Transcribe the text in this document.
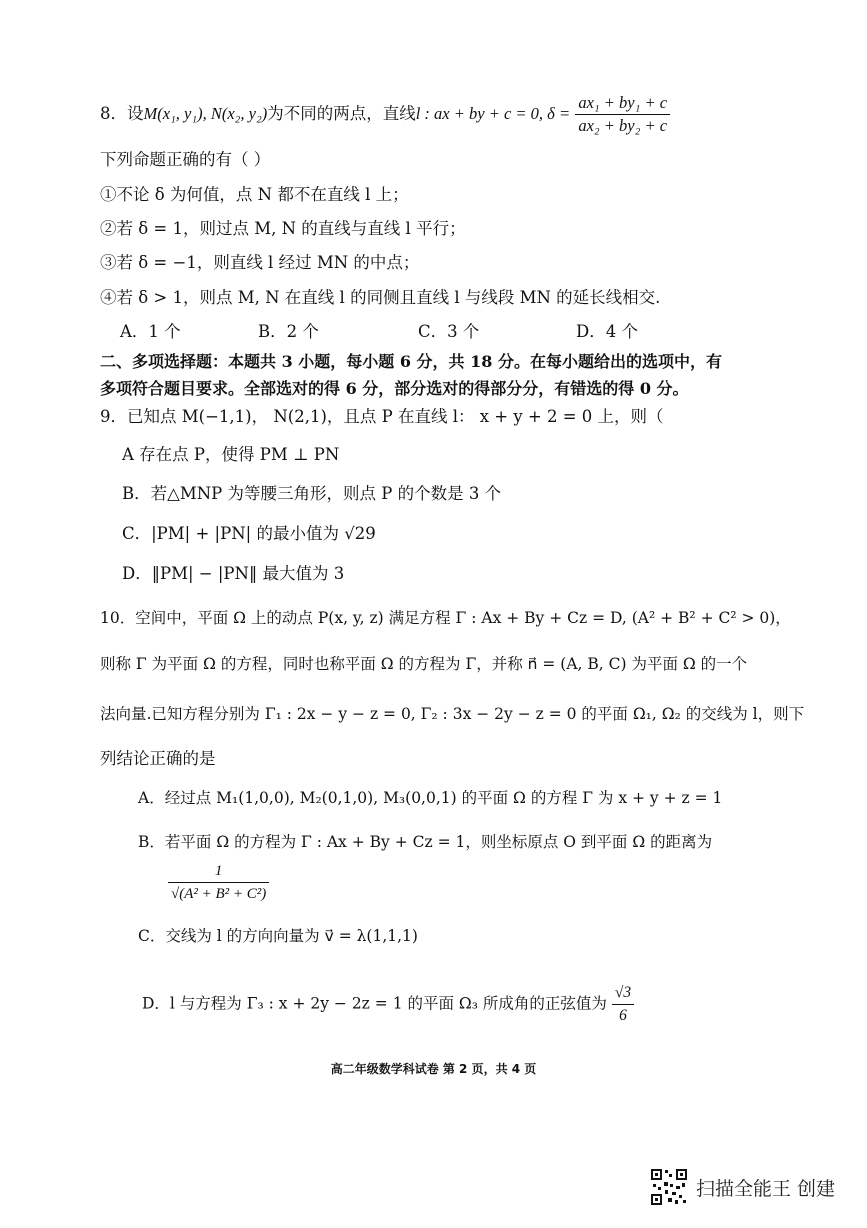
8．设M(x₁, y₁), N(x₂, y₂)为不同的两点，直线l : ax + by + c = 0, $\delta = \frac{\text{ax₁ + by₁ + c}}{\text{ax₂ + by₂ + c}}$
下列命题正确的有（ ）
①不论 δ 为何值，点 N 都不在直线 l 上；
②若 δ = 1，则过点 M, N 的直线与直线 l 平行；
③若 δ = −1，则直线 l 经过 MN 的中点；
④若 δ > 1，则点 M, N 在直线 l 的同侧且直线 l 与线段 MN 的延长线相交.
A．1 个	B．2 个	C．3 个	D．4 个
二、多项选择题：本题共 3 小题，每小题 6 分，共 18 分。在每小题给出的选项中，有
多项符合题目要求。全部选对的得 6 分，部分选对的得部分分，有错选的得 0 分。
9．已知点 M(−1,1)， N(2,1)，且点 P 在直线 l： x + y + 2 = 0 上，则（
A 存在点 P，使得 PM ⊥ PN
B．若△MNP 为等腰三角形，则点 P 的个数是 3 个
C．|PM| + |PN| 的最小值为 √29
D．‖PM| − |PN‖ 最大值为 3
10．空间中，平面 Ω 上的动点 P(x, y, z) 满足方程 Γ : Ax + By + Cz = D, (A² + B² + C² > 0)，
则称 Γ 为平面 Ω 的方程，同时也称平面 Ω 的方程为 Γ，并称 n⃗ = (A, B, C) 为平面 Ω 的一个
法向量.已知方程分别为 Γ₁ : 2x − y − z = 0, Γ₂ : 3x − 2y − z = 0 的平面 Ω₁, Ω₂ 的交线为 l，则下
列结论正确的是
A．经过点 M₁(1,0,0), M₂(0,1,0), M₃(0,0,1) 的平面 Ω 的方程 Γ 为 x + y + z = 1
B．若平面 Ω 的方程为 Γ : Ax + By + Cz = 1，则坐标原点 O 到平面 Ω 的距离为
$\frac{1}{\text{√(A² + B² + C²)}}$
C．交线为 l 的方向向量为 v⃗ = λ(1,1,1)
D．l 与方程为 Γ₃ : x + 2y − 2z = 1 的平面 Ω₃ 所成角的正弦值为 $\frac{√3}{6}$
高二年级数学科试卷 第 2 页，共 4 页
扫描全能王 创建
